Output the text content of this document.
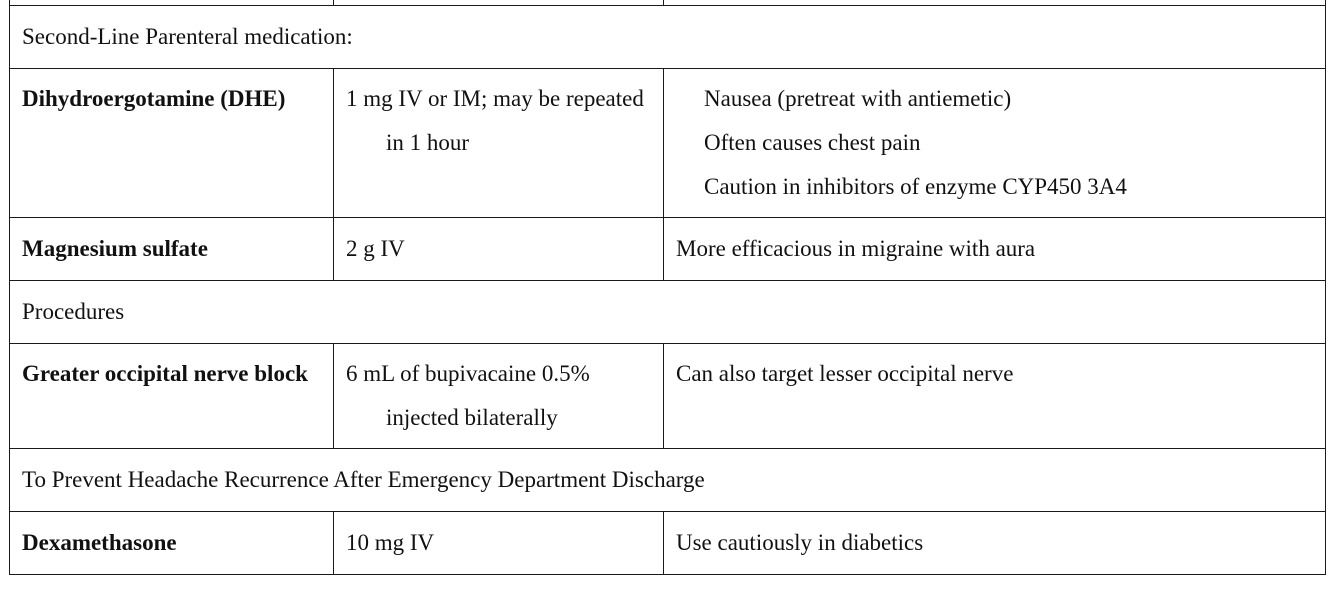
Second-Line Parenteral medication:		

Dihydroergotamine (DHE)	1 mg IV or IM; may be repeated in 1 hour	Nausea (pretreat with antiemetic)
Often causes chest pain
Caution in inhibitors of enzyme CYP450 3A4

Magnesium sulfate	2 g IV	More efficacious in migraine with aura
Procedures		

Greater occipital nerve block	6 mL of bupivacaine 0.5% injected bilaterally	Can also target lesser occipital nerve
To Prevent Headache Recurrence After Emergency Department Discharge		
Dexamethasone	10 mg IV	Use cautiously in diabetics
